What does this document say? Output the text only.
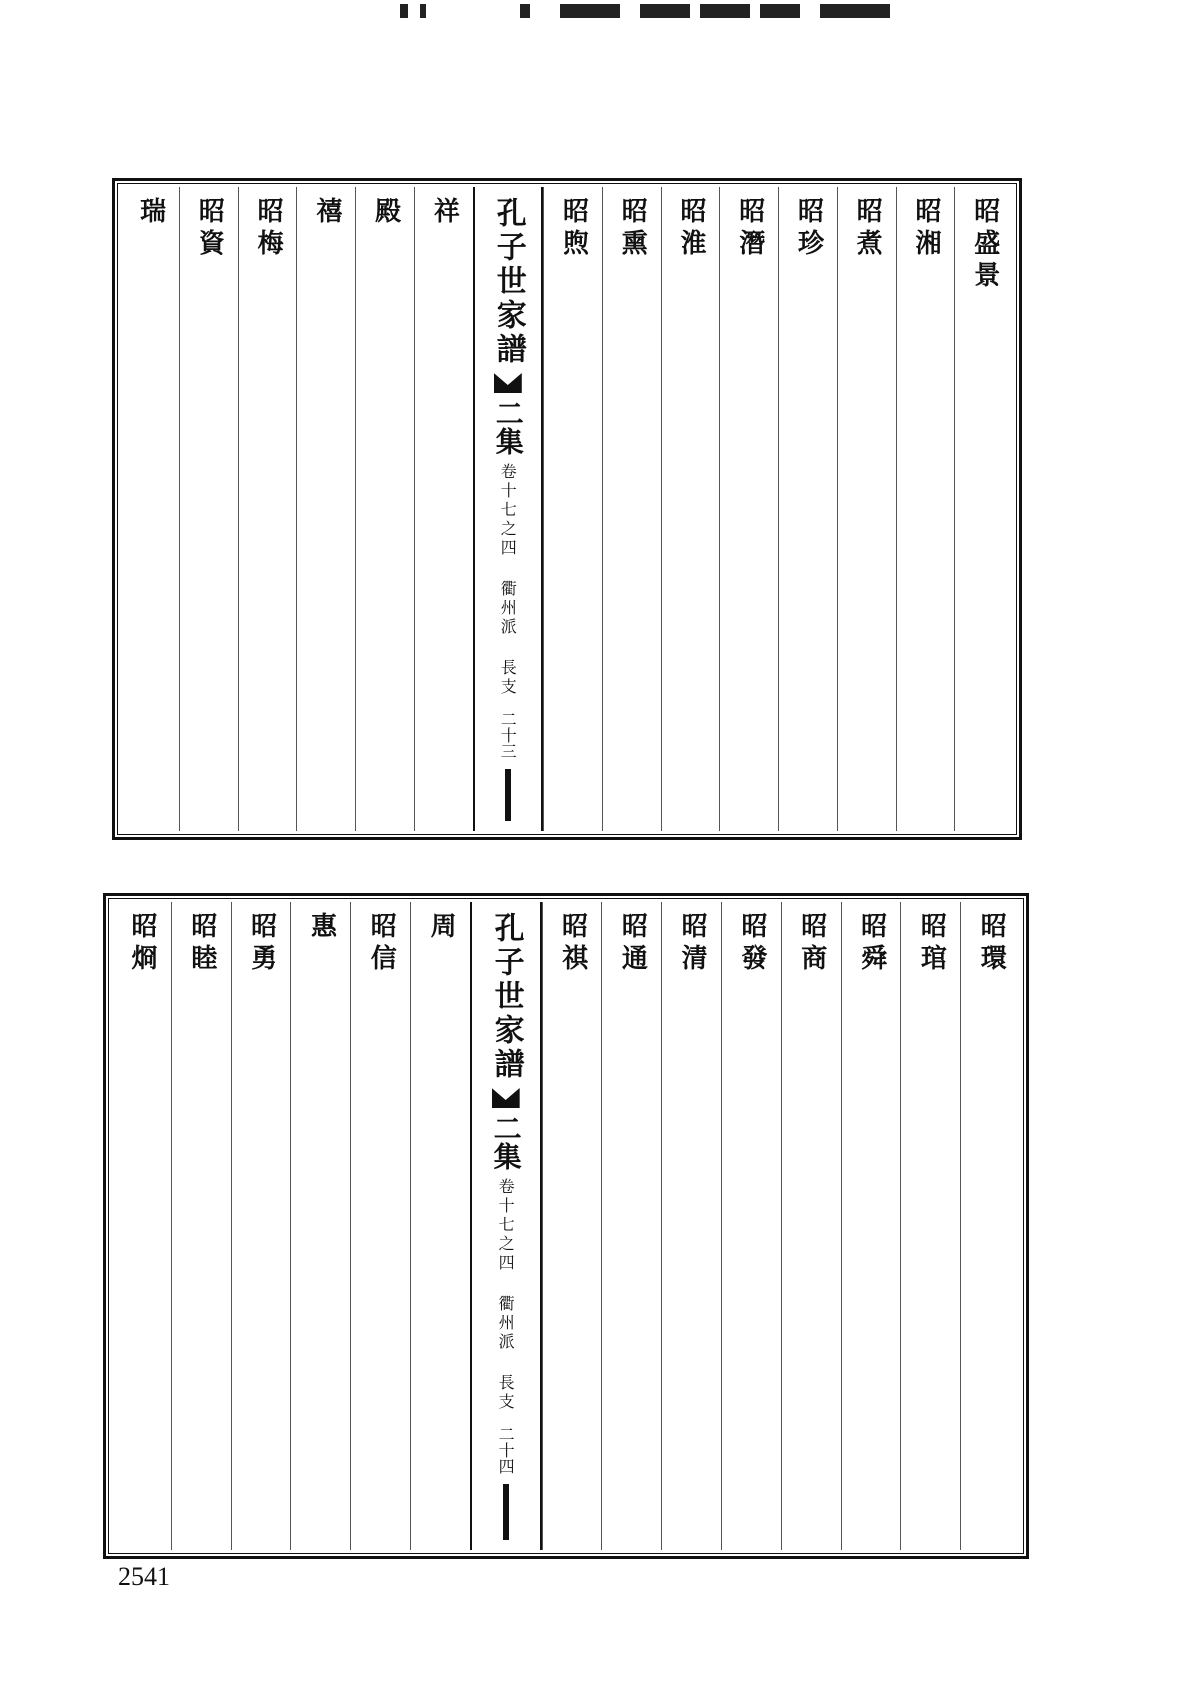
昭盛景
昭湘
昭煮
昭珍
昭潛
昭淮
昭熏
昭煦
孔子世家譜
二集
卷十七之四 衢州派 長支
二十三
祥
殿
禧
昭梅
昭資
瑞
昭環
昭琯
昭舜
昭商
昭發
昭清
昭通
昭祺
孔子世家譜
二集
卷十七之四 衢州派 長支
二十四
周
昭信
惠
昭勇
昭睦
昭烱
2541
